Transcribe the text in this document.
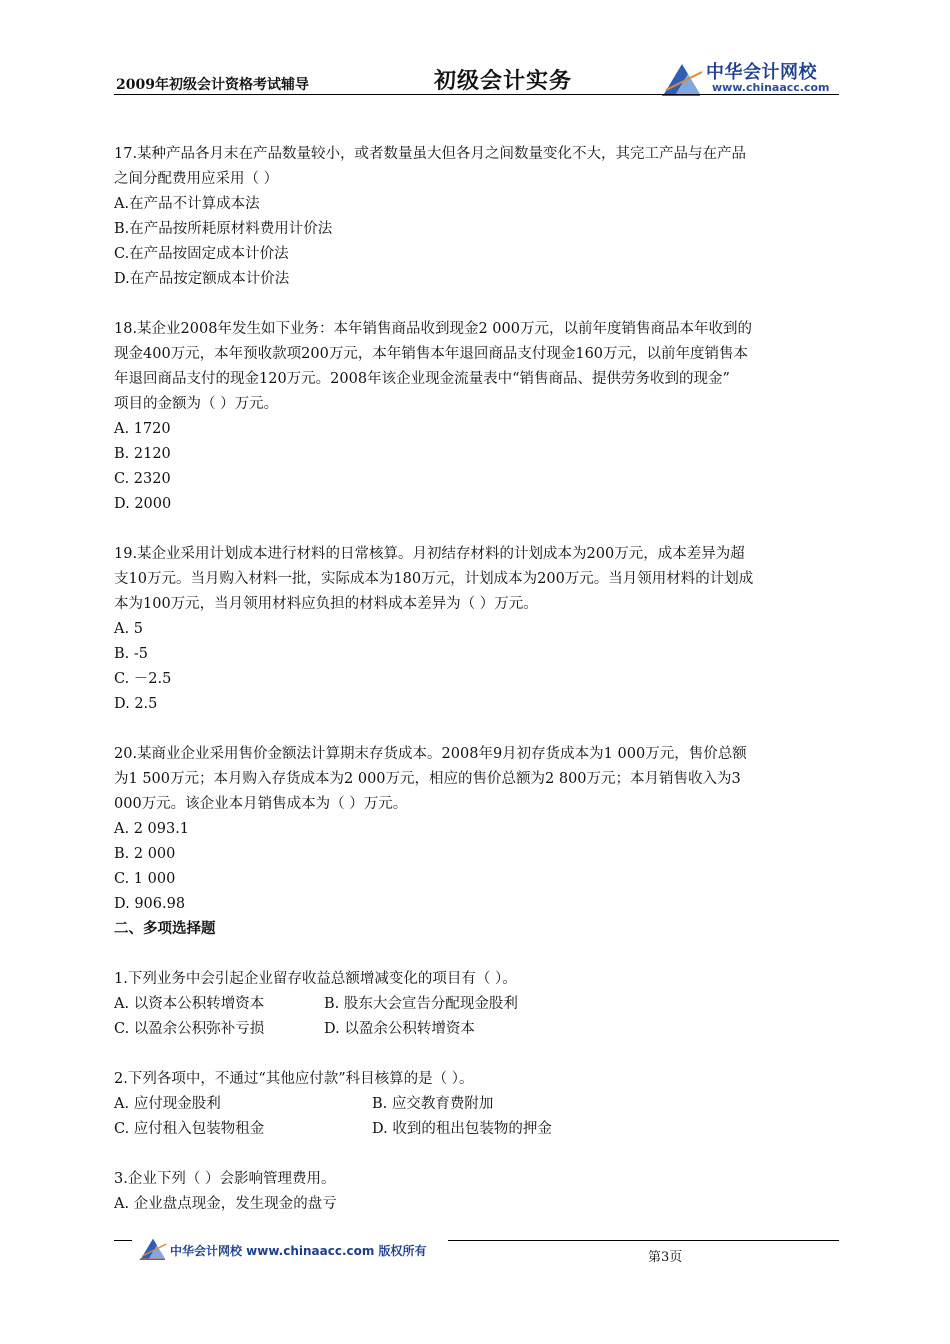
2009年初级会计资格考试辅导	初级会计实务	中华会计网校
www.chinaacc.com
17.某种产品各月末在产品数量较小，或者数量虽大但各月之间数量变化不大，其完工产品与在产品
之间分配费用应采用（ ）
A.在产品不计算成本法
B.在产品按所耗原材料费用计价法
C.在产品按固定成本计价法
D.在产品按定额成本计价法
18.某企业2008年发生如下业务：本年销售商品收到现金2 000万元，以前年度销售商品本年收到的
现金400万元，本年预收款项200万元，本年销售本年退回商品支付现金160万元，以前年度销售本
年退回商品支付的现金120万元。2008年该企业现金流量表中“销售商品、提供劳务收到的现金”
项目的金额为（ ）万元。
A. 1720
B. 2120
C. 2320
D. 2000
19.某企业采用计划成本进行材料的日常核算。月初结存材料的计划成本为200万元，成本差异为超
支10万元。当月购入材料一批，实际成本为180万元，计划成本为200万元。当月领用材料的计划成
本为100万元，当月领用材料应负担的材料成本差异为（ ）万元。
A. 5
B. -5
C. －2.5
D. 2.5
20.某商业企业采用售价金额法计算期末存货成本。2008年9月初存货成本为1 000万元，售价总额
为1 500万元；本月购入存货成本为2 000万元，相应的售价总额为2 800万元；本月销售收入为3
000万元。该企业本月销售成本为（ ）万元。
A. 2 093.1
B. 2 000
C. 1 000
D. 906.98
二、多项选择题
1.下列业务中会引起企业留存收益总额增减变化的项目有（ ）。
A. 以资本公积转增资本	B. 股东大会宣告分配现金股利
C. 以盈余公积弥补亏损	D. 以盈余公积转增资本
2.下列各项中，不通过“其他应付款”科目核算的是（ ）。
A. 应付现金股利	B. 应交教育费附加
C. 应付租入包装物租金	D. 收到的租出包装物的押金
3.企业下列（ ）会影响管理费用。
A. 企业盘点现金，发生现金的盘亏
中华会计网校 www.chinaacc.com 版权所有	第3页
